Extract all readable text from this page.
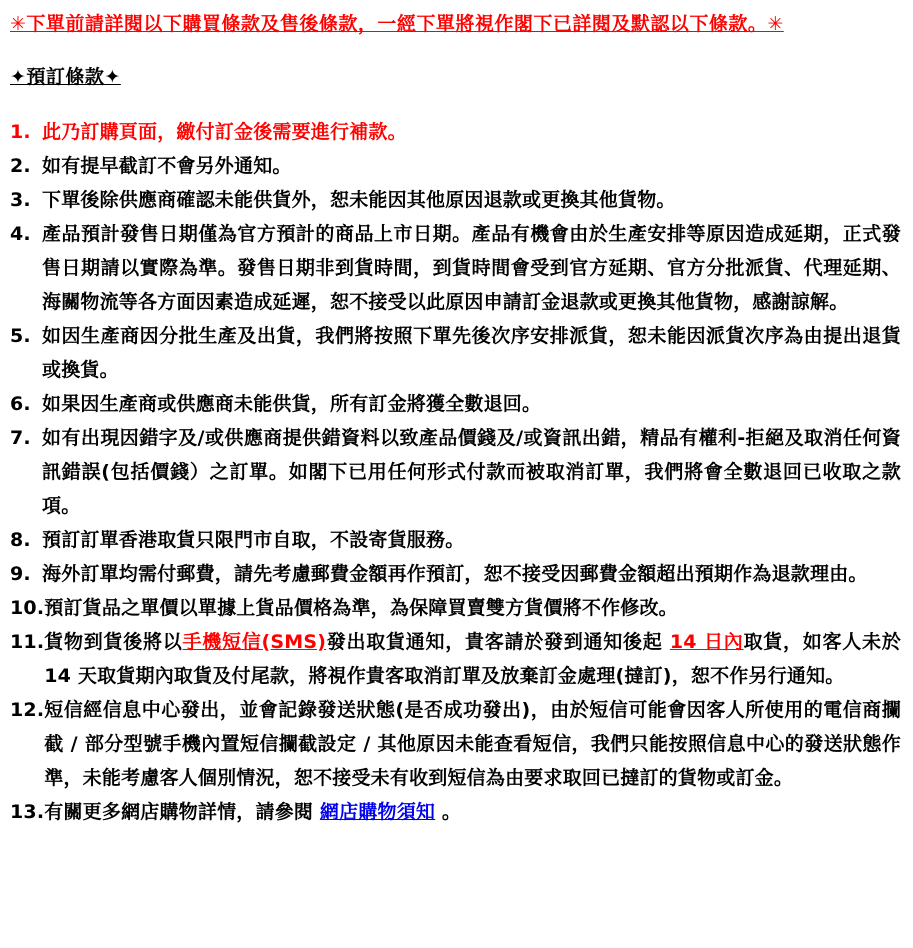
✳下單前請詳閱以下購買條款及售後條款，一經下單將視作閣下已詳閱及默認以下條款。✳
✦預訂條款✦
1. 此乃訂購頁面，繳付訂金後需要進行補款。
2. 如有提早截訂不會另外通知。
3. 下單後除供應商確認未能供貨外，恕未能因其他原因退款或更換其他貨物。
4. 產品預計發售日期僅為官方預計的商品上市日期。產品有機會由於生產安排等原因造成延期，正式發售日期請以實際為準。發售日期非到貨時間，到貨時間會受到官方延期、官方分批派貨、代理延期、海關物流等各方面因素造成延遲，恕不接受以此原因申請訂金退款或更換其他貨物，感謝諒解。
5. 如因生產商因分批生產及出貨，我們將按照下單先後次序安排派貨，恕未能因派貨次序為由提出退貨或換貨。
6. 如果因生產商或供應商未能供貨，所有訂金將獲全數退回。
7. 如有出現因錯字及/或供應商提供錯資料以致產品價錢及/或資訊出錯，精品有權利-拒絕及取消任何資訊錯誤(包括價錢）之訂單。如閣下已用任何形式付款而被取消訂單，我們將會全數退回已收取之款項。
8. 預訂訂單香港取貨只限門市自取，不設寄貨服務。
9. 海外訂單均需付郵費，請先考慮郵費金額再作預訂，恕不接受因郵費金額超出預期作為退款理由。
10. 預訂貨品之單價以單據上貨品價格為準，為保障買賣雙方貨價將不作修改。
11. 貨物到貨後將以手機短信(SMS)發出取貨通知，貴客請於發到通知後起 14 日內取貨，如客人未於 14 天取貨期內取貨及付尾款，將視作貴客取消訂單及放棄訂金處理(撻訂)，恕不作另行通知。
12. 短信經信息中心發出，並會記錄發送狀態(是否成功發出)，由於短信可能會因客人所使用的電信商攔截 / 部分型號手機內置短信攔截設定 / 其他原因未能查看短信，我們只能按照信息中心的發送狀態作準，未能考慮客人個別情況，恕不接受未有收到短信為由要求取回已撻訂的貨物或訂金。
13. 有關更多網店購物詳情，請參閱 網店購物須知 。
